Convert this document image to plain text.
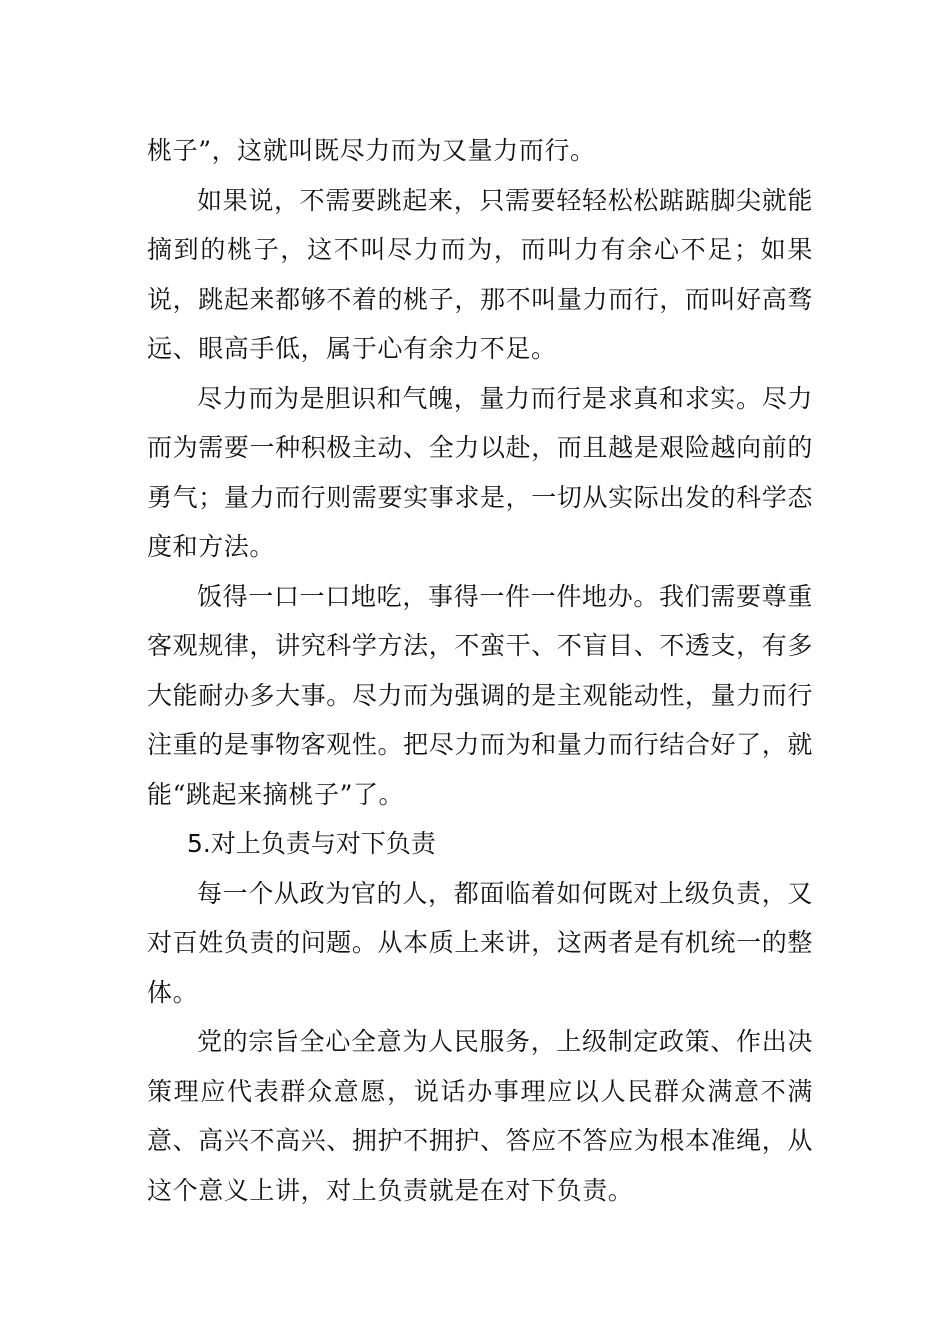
桃子”，这就叫既尽力而为又量力而行。

如果说，不需要跳起来，只需要轻轻松松踮踮脚尖就能摘到的桃子，这不叫尽力而为，而叫力有余心不足；如果说，跳起来都够不着的桃子，那不叫量力而行，而叫好高骛远、眼高手低，属于心有余力不足。

尽力而为是胆识和气魄，量力而行是求真和求实。尽力而为需要一种积极主动、全力以赴，而且越是艰险越向前的勇气；量力而行则需要实事求是，一切从实际出发的科学态度和方法。

饭得一口一口地吃，事得一件一件地办。我们需要尊重客观规律，讲究科学方法，不蛮干、不盲目、不透支，有多大能耐办多大事。尽力而为强调的是主观能动性，量力而行注重的是事物客观性。把尽力而为和量力而行结合好了，就能“跳起来摘桃子”了。

5.对上负责与对下负责

每一个从政为官的人，都面临着如何既对上级负责，又对百姓负责的问题。从本质上来讲，这两者是有机统一的整体。

党的宗旨全心全意为人民服务，上级制定政策、作出决策理应代表群众意愿，说话办事理应以人民群众满意不满意、高兴不高兴、拥护不拥护、答应不答应为根本准绳，从这个意义上讲，对上负责就是在对下负责。
